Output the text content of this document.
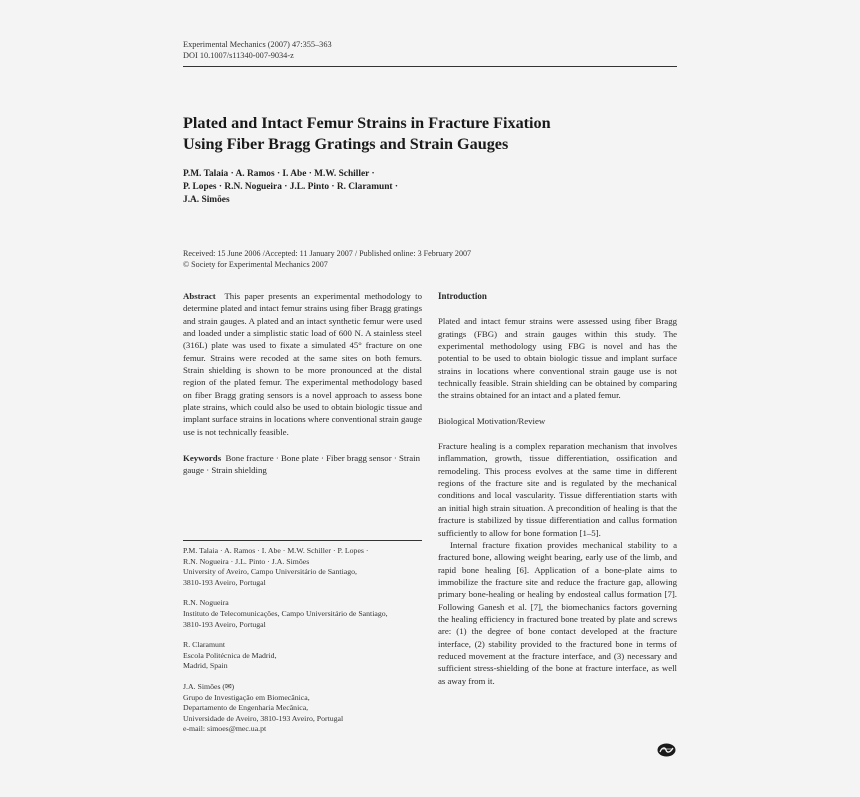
Experimental Mechanics (2007) 47:355–363
DOI 10.1007/s11340-007-9034-z
Plated and Intact Femur Strains in Fracture Fixation
Using Fiber Bragg Gratings and Strain Gauges
P.M. Talaia · A. Ramos · I. Abe · M.W. Schiller ·
P. Lopes · R.N. Nogueira · J.L. Pinto · R. Claramunt ·
J.A. Simões
Received: 15 June 2006 /Accepted: 11 January 2007 / Published online: 3 February 2007
© Society for Experimental Mechanics 2007
Abstract This paper presents an experimental methodology to determine plated and intact femur strains using fiber Bragg gratings and strain gauges. A plated and an intact synthetic femur were used and loaded under a simplistic static load of 600 N. A stainless steel (316L) plate was used to fixate a simulated 45° fracture on one femur. Strains were recoded at the same sites on both femurs. Strain shielding is shown to be more pronounced at the distal region of the plated femur. The experimental methodology based on fiber Bragg grating sensors is a novel approach to assess bone plate strains, which could also be used to obtain biologic tissue and implant surface strains in locations where conventional strain gauge use is not technically feasible.
Keywords Bone fracture · Bone plate · Fiber bragg sensor · Strain gauge · Strain shielding
P.M. Talaia · A. Ramos · I. Abe · M.W. Schiller · P. Lopes ·
R.N. Nogueira · J.L. Pinto · J.A. Simões
University of Aveiro, Campo Universitário de Santiago,
3810-193 Aveiro, Portugal
R.N. Nogueira
Instituto de Telecomunicações, Campo Universitário de Santiago,
3810-193 Aveiro, Portugal
R. Claramunt
Escola Politécnica de Madrid,
Madrid, Spain
J.A. Simões (✉)
Grupo de Investigação em Biomecânica,
Departamento de Engenharia Mecânica,
Universidade de Aveiro, 3810-193 Aveiro, Portugal
e-mail: simoes@mec.ua.pt
Introduction
Plated and intact femur strains were assessed using fiber Bragg gratings (FBG) and strain gauges within this study. The experimental methodology using FBG is novel and has the potential to be used to obtain biologic tissue and implant surface strains in locations where conventional strain gauge use is not technically feasible. Strain shielding can be obtained by comparing the strains obtained for an intact and a plated femur.
Biological Motivation/Review
Fracture healing is a complex reparation mechanism that involves inflammation, growth, tissue differentiation, ossification and remodeling. This process evolves at the same time in different regions of the fracture site and is regulated by the mechanical conditions and local vascularity. Tissue differentiation starts with an initial high strain situation. A precondition of healing is that the fracture is stabilized by tissue differentiation and callus formation sufficiently to allow for bone formation [1–5].
Internal fracture fixation provides mechanical stability to a fractured bone, allowing weight bearing, early use of the limb, and rapid bone healing [6]. Application of a bone-plate aims to immobilize the fracture site and reduce the fracture gap, allowing primary bone-healing or healing by endosteal callus formation [7]. Following Ganesh et al. [7], the biomechanics factors governing the healing efficiency in fractured bone treated by plate and screws are: (1) the degree of bone contact developed at the fracture interface, (2) stability provided to the fractured bone in terms of reduced movement at the fracture interface, and (3) necessary and sufficient stress-shielding of the bone at fracture interface, as well as away from it.
